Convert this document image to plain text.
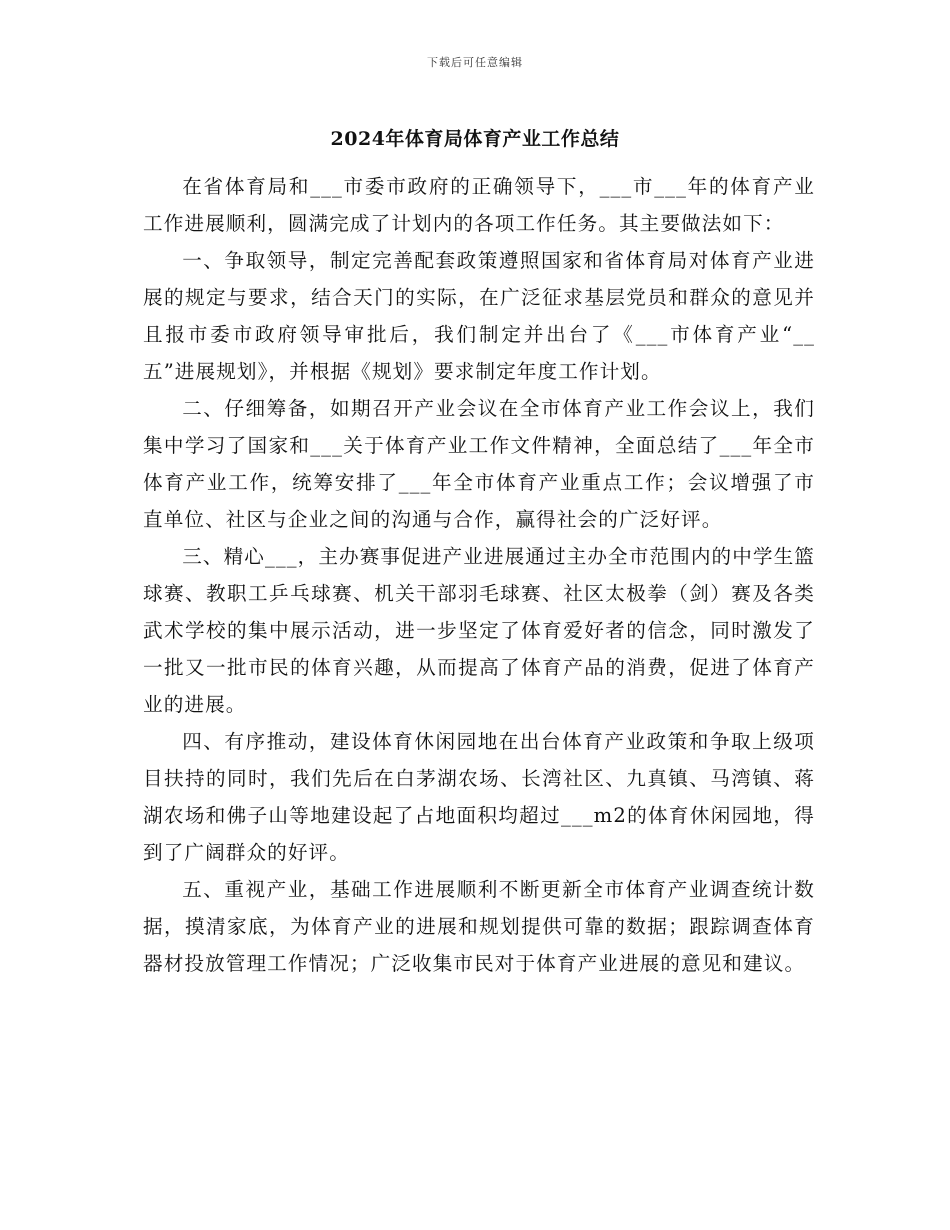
下载后可任意编辑
2024年体育局体育产业工作总结

在省体育局和___市委市政府的正确领导下，___市___年的体育产业工作进展顺利，圆满完成了计划内的各项工作任务。其主要做法如下：

一、争取领导，制定完善配套政策遵照国家和省体育局对体育产业进展的规定与要求，结合天门的实际，在广泛征求基层党员和群众的意见并且报市委市政府领导审批后，我们制定并出台了《___市体育产业“__五”进展规划》，并根据《规划》要求制定年度工作计划。

二、仔细筹备，如期召开产业会议在全市体育产业工作会议上，我们集中学习了国家和___关于体育产业工作文件精神，全面总结了___年全市体育产业工作，统筹安排了___年全市体育产业重点工作；会议增强了市直单位、社区与企业之间的沟通与合作，赢得社会的广泛好评。

三、精心___，主办赛事促进产业进展通过主办全市范围内的中学生篮球赛、教职工乒乓球赛、机关干部羽毛球赛、社区太极拳（剑）赛及各类武术学校的集中展示活动，进一步坚定了体育爱好者的信念，同时激发了一批又一批市民的体育兴趣，从而提高了体育产品的消费，促进了体育产业的进展。

四、有序推动，建设体育休闲园地在出台体育产业政策和争取上级项目扶持的同时，我们先后在白茅湖农场、长湾社区、九真镇、马湾镇、蒋湖农场和佛子山等地建设起了占地面积均超过___m2的体育休闲园地，得到了广阔群众的好评。

五、重视产业，基础工作进展顺利不断更新全市体育产业调查统计数据，摸清家底，为体育产业的进展和规划提供可靠的数据；跟踪调查体育器材投放管理工作情况；广泛收集市民对于体育产业进展的意见和建议。
